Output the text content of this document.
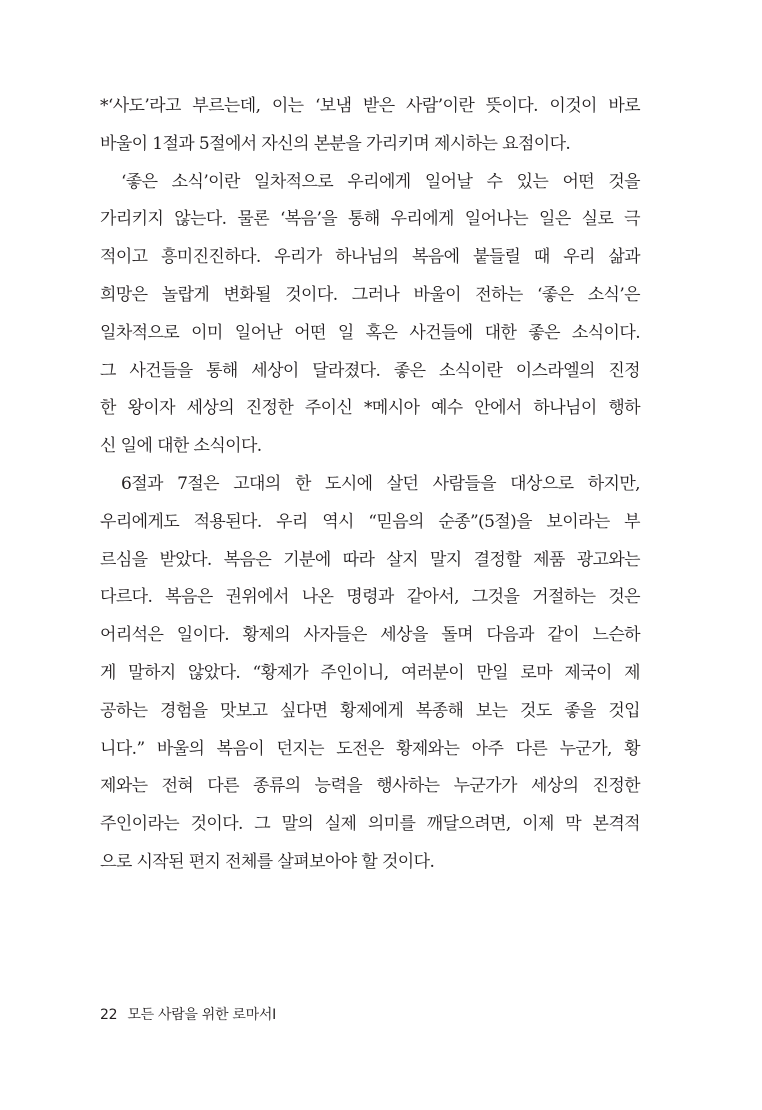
*‘사도’라고 부르는데, 이는 ‘보냄 받은 사람’이란 뜻이다. 이것이 바로
바울이 1절과 5절에서 자신의 본분을 가리키며 제시하는 요점이다.
‘좋은 소식’이란 일차적으로 우리에게 일어날 수 있는 어떤 것을
가리키지 않는다. 물론 ‘복음’을 통해 우리에게 일어나는 일은 실로 극
적이고 흥미진진하다. 우리가 하나님의 복음에 붙들릴 때 우리 삶과
희망은 놀랍게 변화될 것이다. 그러나 바울이 전하는 ‘좋은 소식’은
일차적으로 이미 일어난 어떤 일 혹은 사건들에 대한 좋은 소식이다.
그 사건들을 통해 세상이 달라졌다. 좋은 소식이란 이스라엘의 진정
한 왕이자 세상의 진정한 주이신 *메시아 예수 안에서 하나님이 행하
신 일에 대한 소식이다.
6절과 7절은 고대의 한 도시에 살던 사람들을 대상으로 하지만,
우리에게도 적용된다. 우리 역시 “믿음의 순종”(5절)을 보이라는 부
르심을 받았다. 복음은 기분에 따라 살지 말지 결정할 제품 광고와는
다르다. 복음은 권위에서 나온 명령과 같아서, 그것을 거절하는 것은
어리석은 일이다. 황제의 사자들은 세상을 돌며 다음과 같이 느슨하
게 말하지 않았다. “황제가 주인이니, 여러분이 만일 로마 제국이 제
공하는 경험을 맛보고 싶다면 황제에게 복종해 보는 것도 좋을 것입
니다.” 바울의 복음이 던지는 도전은 황제와는 아주 다른 누군가, 황
제와는 전혀 다른 종류의 능력을 행사하는 누군가가 세상의 진정한
주인이라는 것이다. 그 말의 실제 의미를 깨달으려면, 이제 막 본격적
으로 시작된 편지 전체를 살펴보아야 할 것이다.
22 모든 사람을 위한 로마서I
